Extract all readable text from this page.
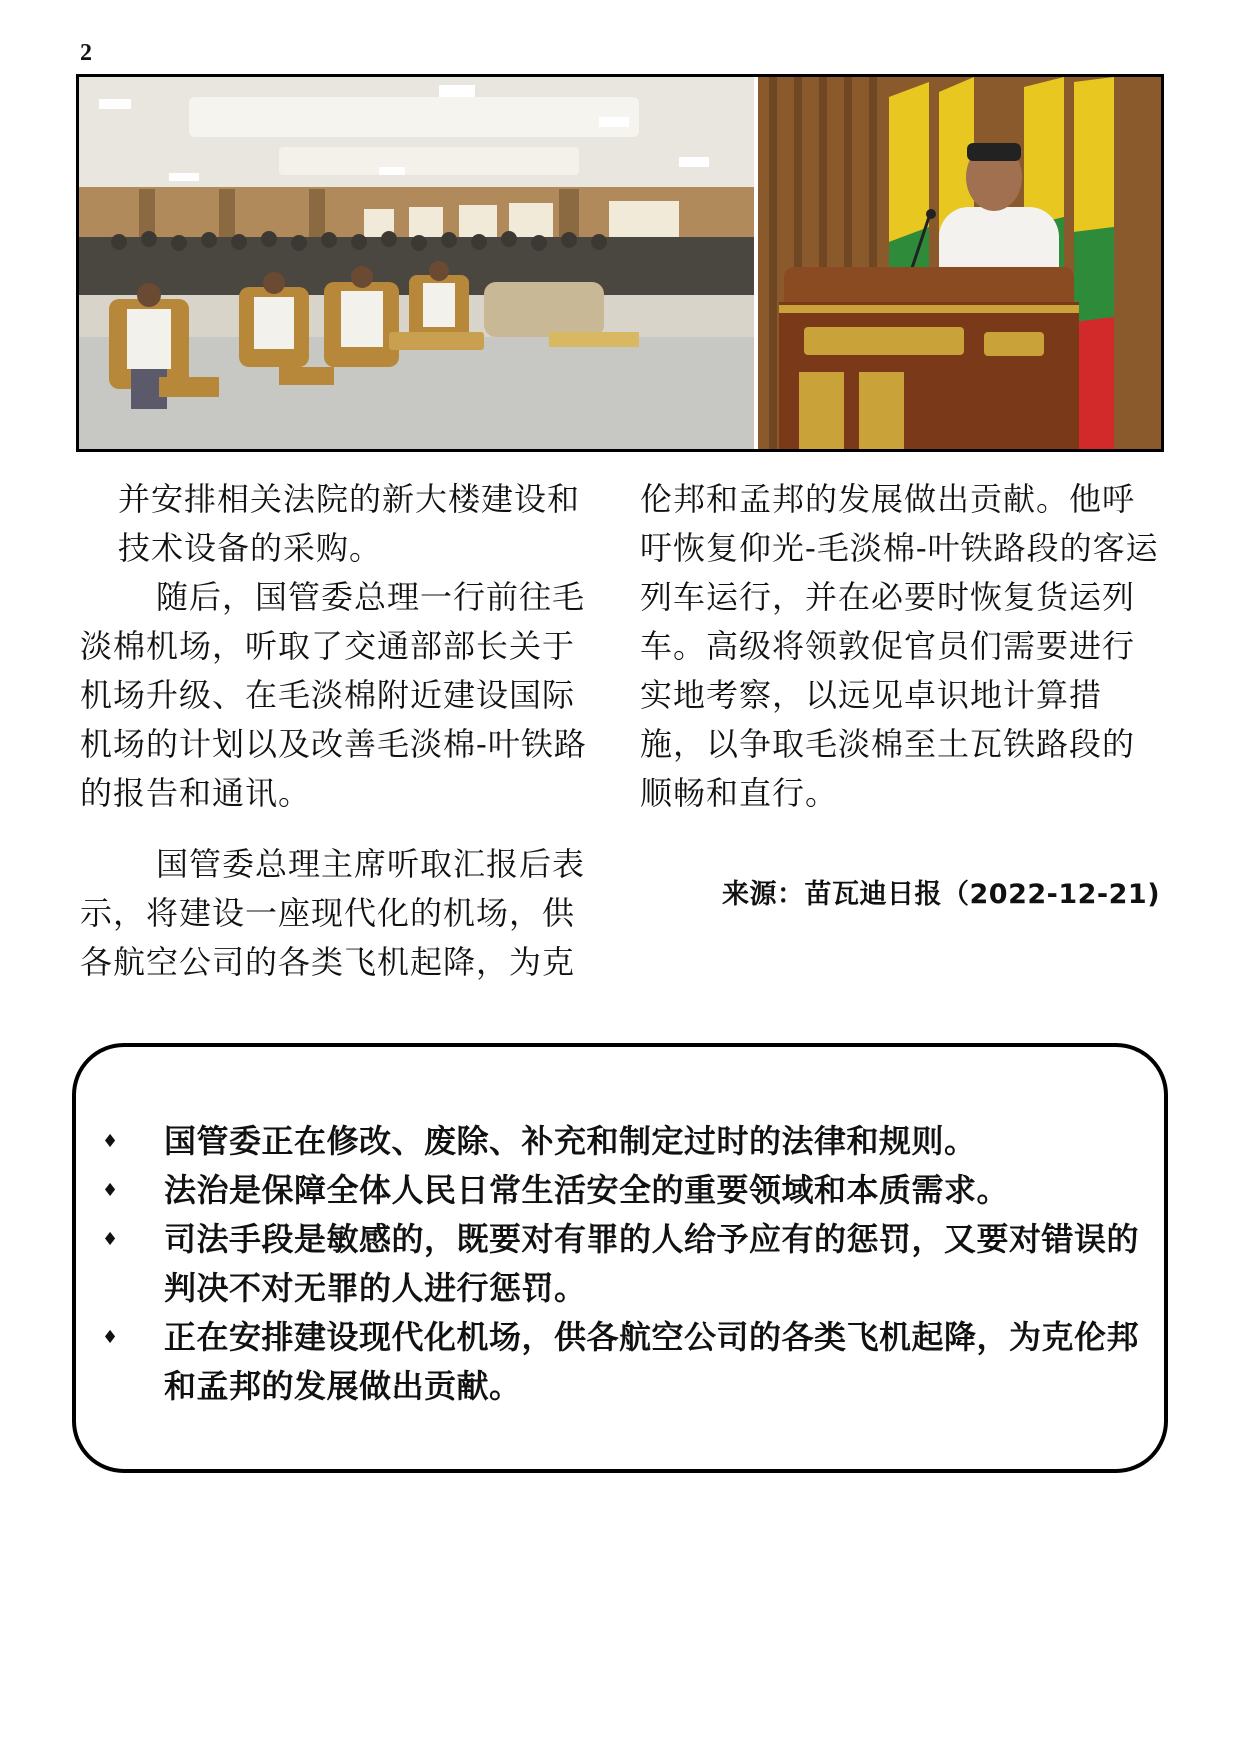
2

并安排相关法院的新大楼建设和技术设备的采购。

随后，国管委总理一行前往毛淡棉机场，听取了交通部部长关于机场升级、在毛淡棉附近建设国际机场的计划以及改善毛淡棉-叶铁路的报告和通讯。

国管委总理主席听取汇报后表示，将建设一座现代化的机场，供各航空公司的各类飞机起降，为克

伦邦和孟邦的发展做出贡献。他呼吁恢复仰光-毛淡棉-叶铁路段的客运列车运行，并在必要时恢复货运列车。高级将领敦促官员们需要进行实地考察，以远见卓识地计算措施，以争取毛淡棉至土瓦铁路段的顺畅和直行。

来源：苗瓦迪日报（2022-12-21)
♦ 国管委正在修改、废除、补充和制定过时的法律和规则。
♦ 法治是保障全体人民日常生活安全的重要领域和本质需求。
♦ 司法手段是敏感的，既要对有罪的人给予应有的惩罚，又要对错误的判决不对无罪的人进行惩罚。
♦ 正在安排建设现代化机场，供各航空公司的各类飞机起降，为克伦邦和孟邦的发展做出贡献。
